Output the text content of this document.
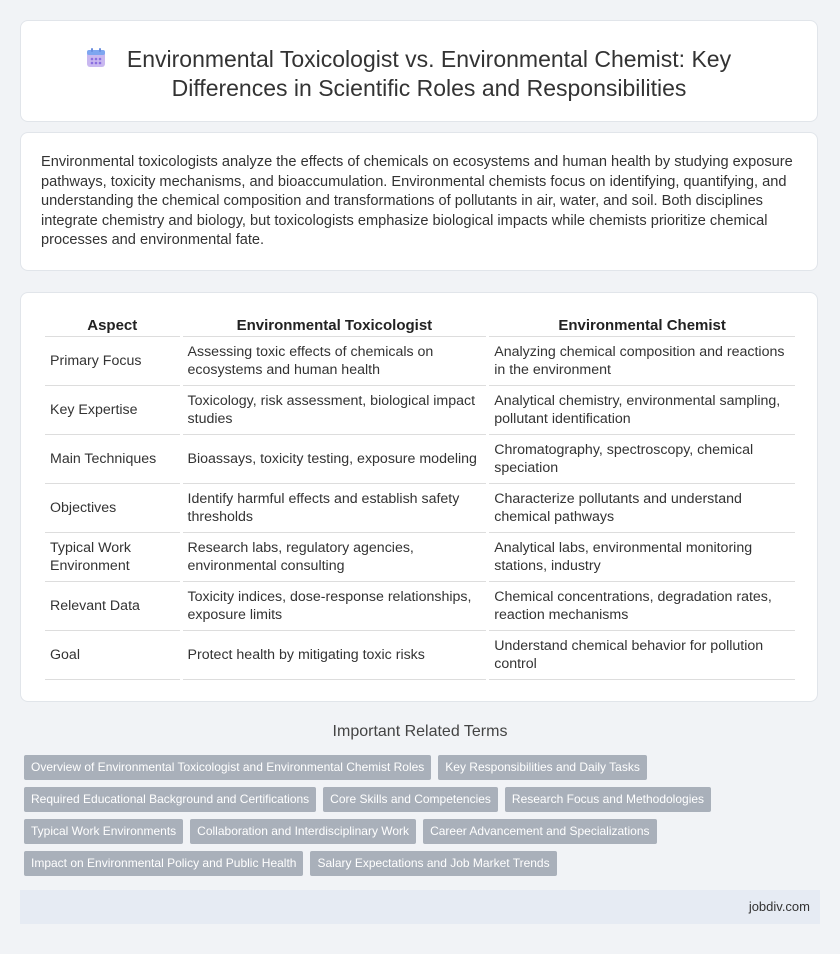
Environmental Toxicologist vs. Environmental Chemist: Key Differences in Scientific Roles and Responsibilities
Environmental toxicologists analyze the effects of chemicals on ecosystems and human health by studying exposure pathways, toxicity mechanisms, and bioaccumulation. Environmental chemists focus on identifying, quantifying, and understanding the chemical composition and transformations of pollutants in air, water, and soil. Both disciplines integrate chemistry and biology, but toxicologists emphasize biological impacts while chemists prioritize chemical processes and environmental fate.
Aspect	Environmental Toxicologist	Environmental Chemist
Primary Focus	Assessing toxic effects of chemicals on ecosystems and human health	Analyzing chemical composition and reactions in the environment
Key Expertise	Toxicology, risk assessment, biological impact studies	Analytical chemistry, environmental sampling, pollutant identification
Main Techniques	Bioassays, toxicity testing, exposure modeling	Chromatography, spectroscopy, chemical speciation
Objectives	Identify harmful effects and establish safety thresholds	Characterize pollutants and understand chemical pathways
Typical Work Environment	Research labs, regulatory agencies, environmental consulting	Analytical labs, environmental monitoring stations, industry
Relevant Data	Toxicity indices, dose-response relationships, exposure limits	Chemical concentrations, degradation rates, reaction mechanisms
Goal	Protect health by mitigating toxic risks	Understand chemical behavior for pollution control
Important Related Terms
Overview of Environmental Toxicologist and Environmental Chemist Roles	Key Responsibilities and Daily Tasks
Required Educational Background and Certifications	Core Skills and Competencies	Research Focus and Methodologies
Typical Work Environments	Collaboration and Interdisciplinary Work	Career Advancement and Specializations
Impact on Environmental Policy and Public Health	Salary Expectations and Job Market Trends
jobdiv.com
